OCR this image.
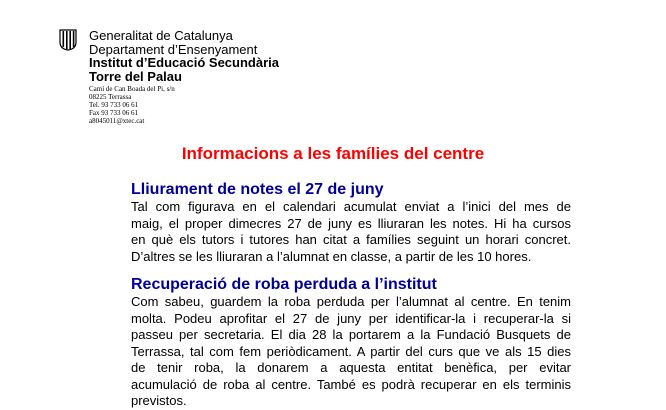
Generalitat de Catalunya
Departament d’Ensenyament
Institut d’Educació Secundària
Torre del Palau
Camí de Can Boada del Pi, s/n
08225 Terrassa
Tel. 93 733 06 61
Fax 93 733 06 61
a8045011@xtec.cat
Informacions a les famílies del centre
Lliurament de notes el 27 de juny

Tal com figurava en el calendari acumulat enviat a l’inici del mes de
maig, el proper dimecres 27 de juny es lliuraran les notes. Hi ha cursos
en què els tutors i tutores han citat a famílies seguint un horari concret.
D’altres se les lliuraran a l’alumnat en classe, a partir de les 10 hores.

Recuperació de roba perduda a l’institut

Com sabeu, guardem la roba perduda per l’alumnat al centre. En tenim
molta. Podeu aprofitar el 27 de juny per identificar-la i recuperar-la si
passeu per secretaria. El dia 28 la portarem a la Fundació Busquets de
Terrassa, tal com fem periòdicament. A partir del curs que ve als 15 dies
de tenir roba, la donarem a aquesta entitat benèfica, per evitar
acumulació de roba al centre. També es podrà recuperar en els terminis
previstos.
